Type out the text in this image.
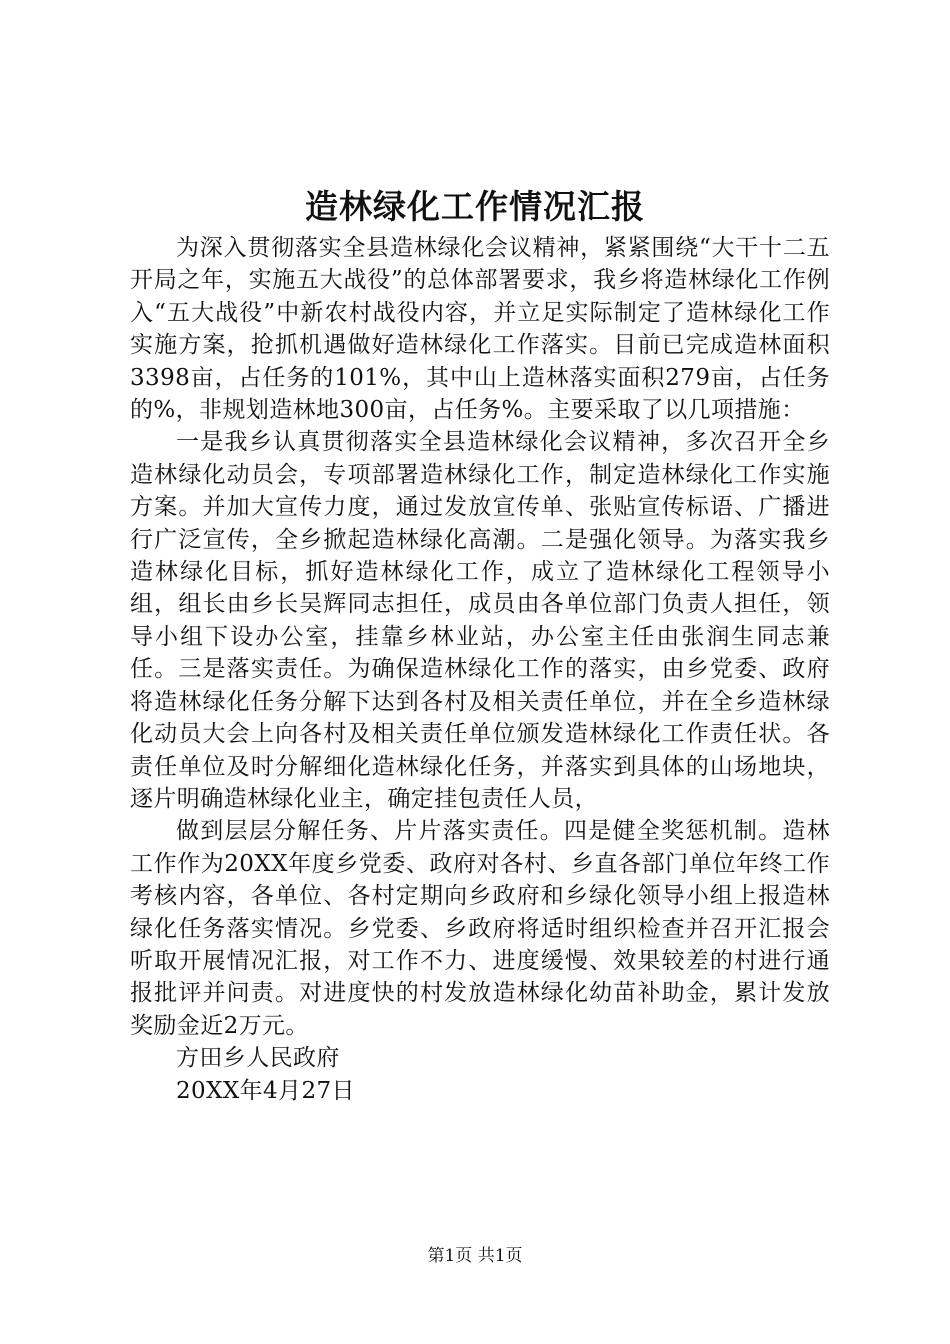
造林绿化工作情况汇报

为深入贯彻落实全县造林绿化会议精神，紧紧围绕“大干十二五开局之年，实施五大战役”的总体部署要求，我乡将造林绿化工作例入“五大战役”中新农村战役内容，并立足实际制定了造林绿化工作实施方案，抢抓机遇做好造林绿化工作落实。目前已完成造林面积3398亩，占任务的101%，其中山上造林落实面积279亩，占任务的%，非规划造林地300亩，占任务%。主要采取了以几项措施：

一是我乡认真贯彻落实全县造林绿化会议精神，多次召开全乡造林绿化动员会，专项部署造林绿化工作，制定造林绿化工作实施方案。并加大宣传力度，通过发放宣传单、张贴宣传标语、广播进行广泛宣传，全乡掀起造林绿化高潮。二是强化领导。为落实我乡造林绿化目标，抓好造林绿化工作，成立了造林绿化工程领导小组，组长由乡长吴辉同志担任，成员由各单位部门负责人担任，领导小组下设办公室，挂靠乡林业站，办公室主任由张润生同志兼任。三是落实责任。为确保造林绿化工作的落实，由乡党委、政府将造林绿化任务分解下达到各村及相关责任单位，并在全乡造林绿化动员大会上向各村及相关责任单位颁发造林绿化工作责任状。各责任单位及时分解细化造林绿化任务，并落实到具体的山场地块，逐片明确造林绿化业主，确定挂包责任人员，

做到层层分解任务、片片落实责任。四是健全奖惩机制。造林工作作为20XX年度乡党委、政府对各村、乡直各部门单位年终工作考核内容，各单位、各村定期向乡政府和乡绿化领导小组上报造林绿化任务落实情况。乡党委、乡政府将适时组织检查并召开汇报会听取开展情况汇报，对工作不力、进度缓慢、效果较差的村进行通报批评并问责。对进度快的村发放造林绿化幼苗补助金，累计发放奖励金近2万元。

方田乡人民政府

20XX年4月27日

第1页 共1页
